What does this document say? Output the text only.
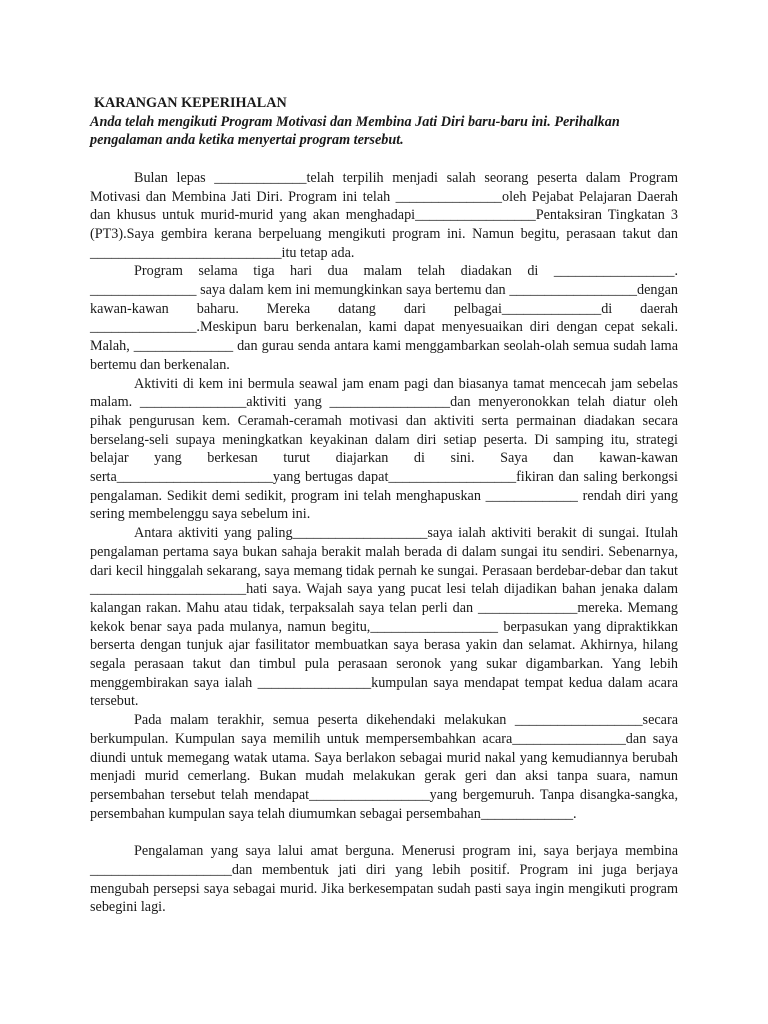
KARANGAN KEPERIHALAN

Anda telah mengikuti Program Motivasi dan Membina Jati Diri baru-baru ini. Perihalkan pengalaman anda ketika menyertai program tersebut.

Bulan lepas _____________telah terpilih menjadi salah seorang peserta dalam Program Motivasi dan Membina Jati Diri. Program ini telah _______________oleh Pejabat Pelajaran Daerah dan khusus untuk murid-murid yang akan menghadapi_________________Pentaksiran Tingkatan 3 (PT3).Saya gembira kerana berpeluang mengikuti program ini. Namun begitu, perasaan takut dan ___________________________itu tetap ada.

Program selama tiga hari dua malam telah diadakan di _________________. _______________ saya dalam kem ini memungkinkan saya bertemu dan __________________dengan kawan-kawan baharu. Mereka datang dari pelbagai______________di daerah _______________.Meskipun baru berkenalan, kami dapat menyesuaikan diri dengan cepat sekali. Malah, ______________ dan gurau senda antara kami menggambarkan seolah-olah semua sudah lama bertemu dan berkenalan.

Aktiviti di kem ini bermula seawal jam enam pagi dan biasanya tamat mencecah jam sebelas malam. _______________aktiviti yang _________________dan menyeronokkan telah diatur oleh pihak pengurusan kem. Ceramah-ceramah motivasi dan aktiviti serta permainan diadakan secara berselang-seli supaya meningkatkan keyakinan dalam diri setiap peserta. Di samping itu, strategi belajar yang berkesan turut diajarkan di sini. Saya dan kawan-kawan serta______________________yang bertugas dapat__________________fikiran dan saling berkongsi pengalaman. Sedikit demi sedikit, program ini telah menghapuskan _____________ rendah diri yang sering membelenggu saya sebelum ini.

Antara aktiviti yang paling___________________saya ialah aktiviti berakit di sungai. Itulah pengalaman pertama saya bukan sahaja berakit malah berada di dalam sungai itu sendiri. Sebenarnya, dari kecil hinggalah sekarang, saya memang tidak pernah ke sungai. Perasaan berdebar-debar dan takut ______________________hati saya. Wajah saya yang pucat lesi telah dijadikan bahan jenaka dalam kalangan rakan. Mahu atau tidak, terpaksalah saya telan perli dan ______________mereka. Memang kekok benar saya pada mulanya, namun begitu,__________________ berpasukan yang dipraktikkan berserta dengan tunjuk ajar fasilitator membuatkan saya berasa yakin dan selamat. Akhirnya, hilang segala perasaan takut dan timbul pula perasaan seronok yang sukar digambarkan. Yang lebih menggembirakan saya ialah ________________kumpulan saya mendapat tempat kedua dalam acara tersebut.

Pada malam terakhir, semua peserta dikehendaki melakukan __________________secara berkumpulan. Kumpulan saya memilih untuk mempersembahkan acara________________dan saya diundi untuk memegang watak utama. Saya berlakon sebagai murid nakal yang kemudiannya berubah menjadi murid cemerlang. Bukan mudah melakukan gerak geri dan aksi tanpa suara, namun persembahan tersebut telah mendapat_________________yang bergemuruh. Tanpa disangka-sangka, persembahan kumpulan saya telah diumumkan sebagai persembahan_____________.

Pengalaman yang saya lalui amat berguna. Menerusi program ini, saya berjaya membina ____________________dan membentuk jati diri yang lebih positif. Program ini juga berjaya mengubah persepsi saya sebagai murid. Jika berkesempatan sudah pasti saya ingin mengikuti program sebegini lagi.
